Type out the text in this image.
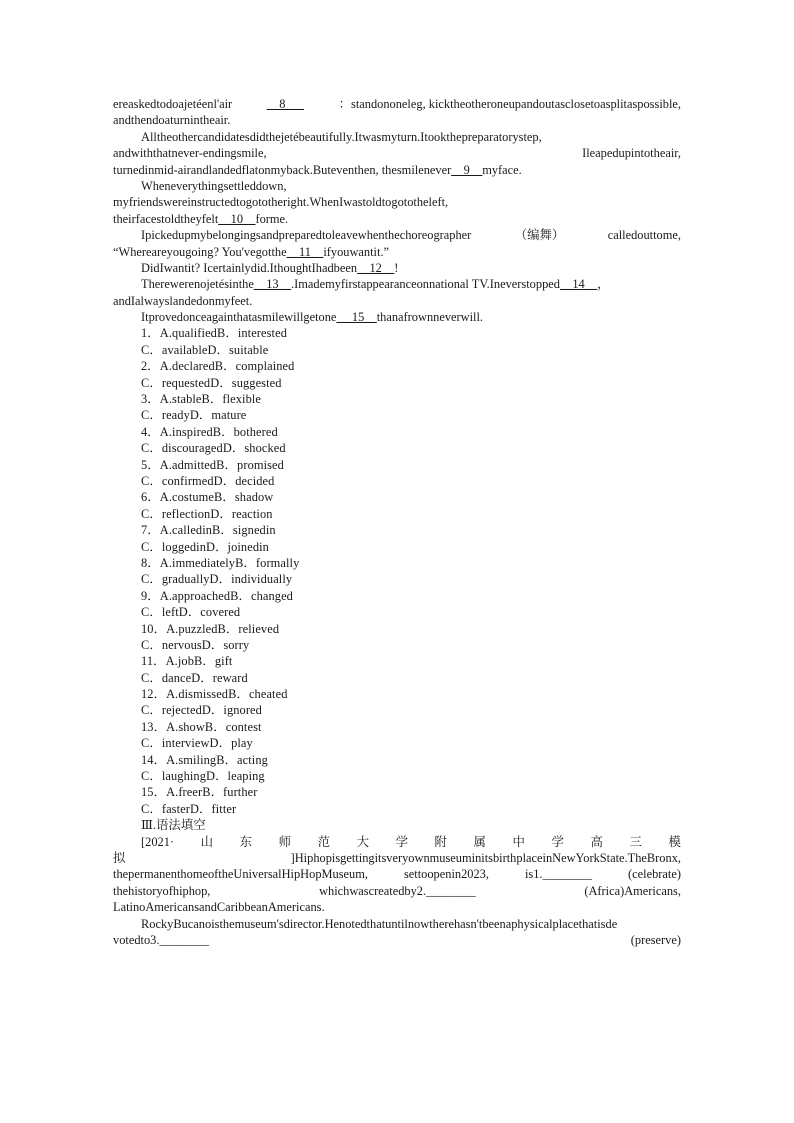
ereaskedtodoajetéenl'air	__8___	：standononeleg, kicktheotheroneupandoutasclosetoasplitaspossible,
andthendoaturnintheair.
Alltheothercandidatesdidthejetébeautifully.Itwasmyturn.Itookthepreparatorystep,
andwiththatnever-endingsmile,	Ileapedupintotheair,
turnedinmid-airandlandedflatonmyback.Buteventhen, thesmilenever__9__myface.
Wheneverythingsettleddown,
myfriendswereinstructedtogototheright.WhenIwastoldtogototheleft,
theirfacestoldtheyfelt__10__forme.
Ipickedupmybelongingsandpreparedtoleavewhenthechoreographer	（编舞）	calledouttome,
“Whereareyougoing? You'vegotthe__11__ifyouwantit.”
DidIwantit? Icertainlydid.IthoughtIhadbeen__12__!
Therewerenojetésinthe__13__.Imademyfirstappearanceonnational TV.Ineverstopped__14__，
andIalwayslandedonmyfeet.
Itprovedonceagainthatasmilewillgetone__ 15__thanafrownneverwill.
1．A.qualifiedB．interested
C．availableD．suitable
2．A.declaredB．complained
C．requestedD．suggested
3．A.stableB．flexible
C．readyD．mature
4．A.inspiredB．bothered
C．discouragedD．shocked
5．A.admittedB．promised
C．confirmedD．decided
6．A.costumeB．shadow
C．reflectionD．reaction
7．A.calledinB．signedin
C．loggedinD．joinedin
8．A.immediatelyB．formally
C．graduallyD．individually
9．A.approachedB．changed
C．leftD．covered
10．A.puzzledB．relieved
C．nervousD．sorry
11．A.jobB．gift
C．danceD．reward
12．A.dismissedB．cheated
C．rejectedD．ignored
13．A.showB．contest
C．interviewD．play
14．A.smilingB．acting
C．laughingD．leaping
15．A.freerB．further
C．fasterD．fitter
Ⅲ.语法填空
[2021· 山 东 师 范 大 学 附 属 中 学 高 三 模
拟	]HiphopisgettingitsveryownmuseuminitsbirthplaceinNewYorkState.TheBronx,
thepermanenthomeoftheUniversalHipHopMuseum,	settoopenin2023,	is1.________	(celebrate)
thehistoryofhiphop,	whichwascreatedby2.________	(Africa)Americans,
LatinoAmericansandCaribbeanAmericans.
RockyBucanoisthemuseum'sdirector.Henotedthatuntilnowtherehasn'tbeenaphysicalplacethatisde
votedto3.________	(preserve)
